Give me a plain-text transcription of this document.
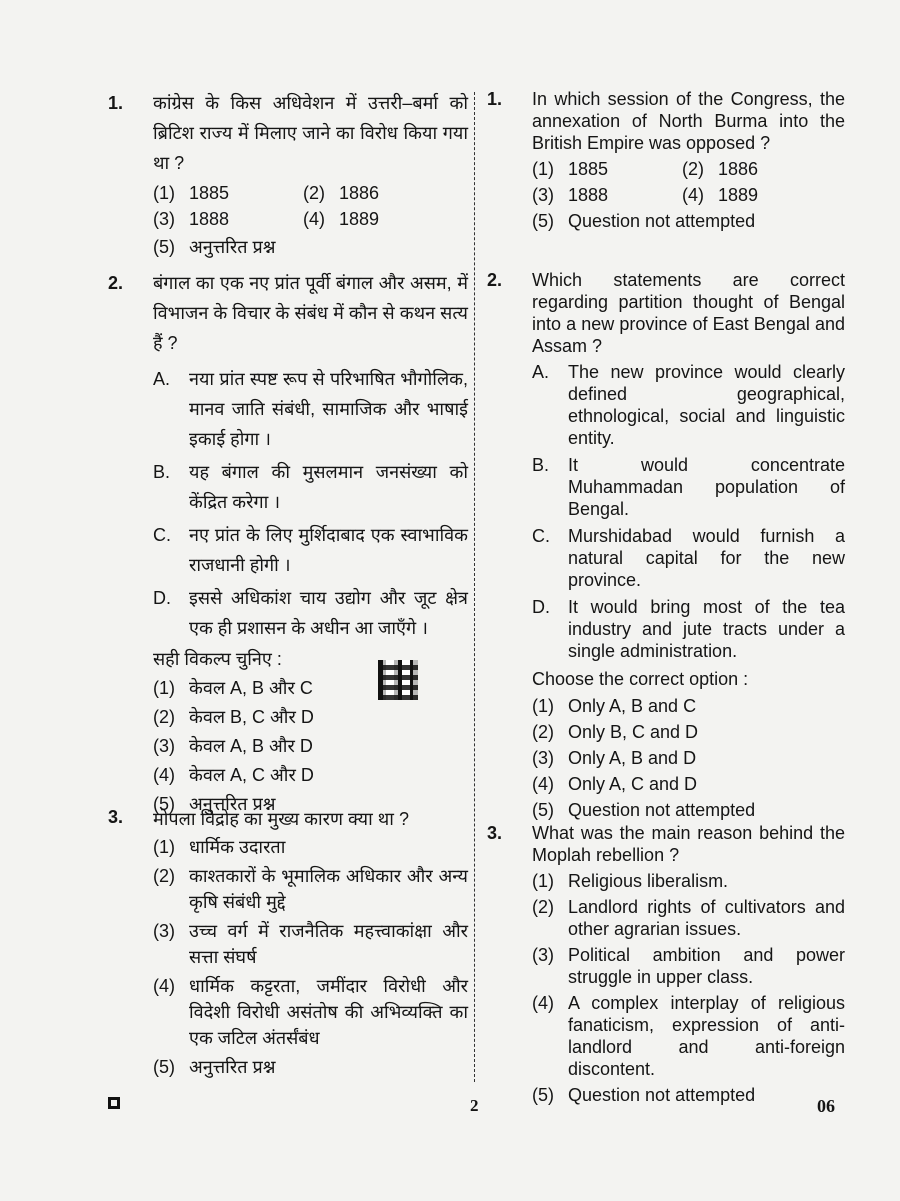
1. कांग्रेस के किस अधिवेशन में उत्तरी–बर्मा को ब्रिटिश राज्य में मिलाए जाने का विरोध किया गया था ?
(1) 1885	(2) 1886
(3) 1888	(4) 1889
(5) अनुत्तरित प्रश्न
2. बंगाल का एक नए प्रांत पूर्वी बंगाल और असम, में विभाजन के विचार के संबंध में कौन से कथन सत्य हैं ?
A.	नया प्रांत स्पष्ट रूप से परिभाषित भौगोलिक, मानव जाति संबंधी, सामाजिक और भाषाई इकाई होगा ।
B.	यह बंगाल की मुसलमान जनसंख्या को केंद्रित करेगा ।
C.	नए प्रांत के लिए मुर्शिदाबाद एक स्वाभाविक राजधानी होगी ।
D.	इससे अधिकांश चाय उद्योग और जूट क्षेत्र एक ही प्रशासन के अधीन आ जाएँगे ।
सही विकल्प चुनिए :
(1) केवल A, B और C
(2) केवल B, C और D
(3) केवल A, B और D
(4) केवल A, C और D
(5) अनुत्तरित प्रश्न
3. मोपला विद्रोह का मुख्य कारण क्या था ?
(1) धार्मिक उदारता
(2) काश्तकारों के भूमालिक अधिकार और अन्य कृषि संबंधी मुद्दे
(3) उच्च वर्ग में राजनैतिक महत्त्वाकांक्षा और सत्ता संघर्ष
(4) धार्मिक कट्टरता, जमींदार विरोधी और विदेशी विरोधी असंतोष की अभिव्यक्ति का एक जटिल अंतर्संबंध
(5) अनुत्तरित प्रश्न
1. In which session of the Congress, the annexation of North Burma into the British Empire was opposed ?
(1) 1885	(2) 1886
(3) 1888	(4) 1889
(5) Question not attempted
2. Which statements are correct regarding partition thought of Bengal into a new province of East Bengal and Assam ?
A.	The new province would clearly defined geographical, ethnological, social and linguistic entity.
B.	It would concentrate Muhammadan population of Bengal.
C.	Murshidabad would furnish a natural capital for the new province.
D.	It would bring most of the tea industry and jute tracts under a single administration.
Choose the correct option :
(1) Only A, B and C
(2) Only B, C and D
(3) Only A, B and D
(4) Only A, C and D
(5) Question not attempted
3. What was the main reason behind the Moplah rebellion ?
(1) Religious liberalism.
(2) Landlord rights of cultivators and other agrarian issues.
(3) Political ambition and power struggle in upper class.
(4) A complex interplay of religious fanaticism, expression of anti-landlord and anti-foreign discontent.
(5) Question not attempted
2	06
